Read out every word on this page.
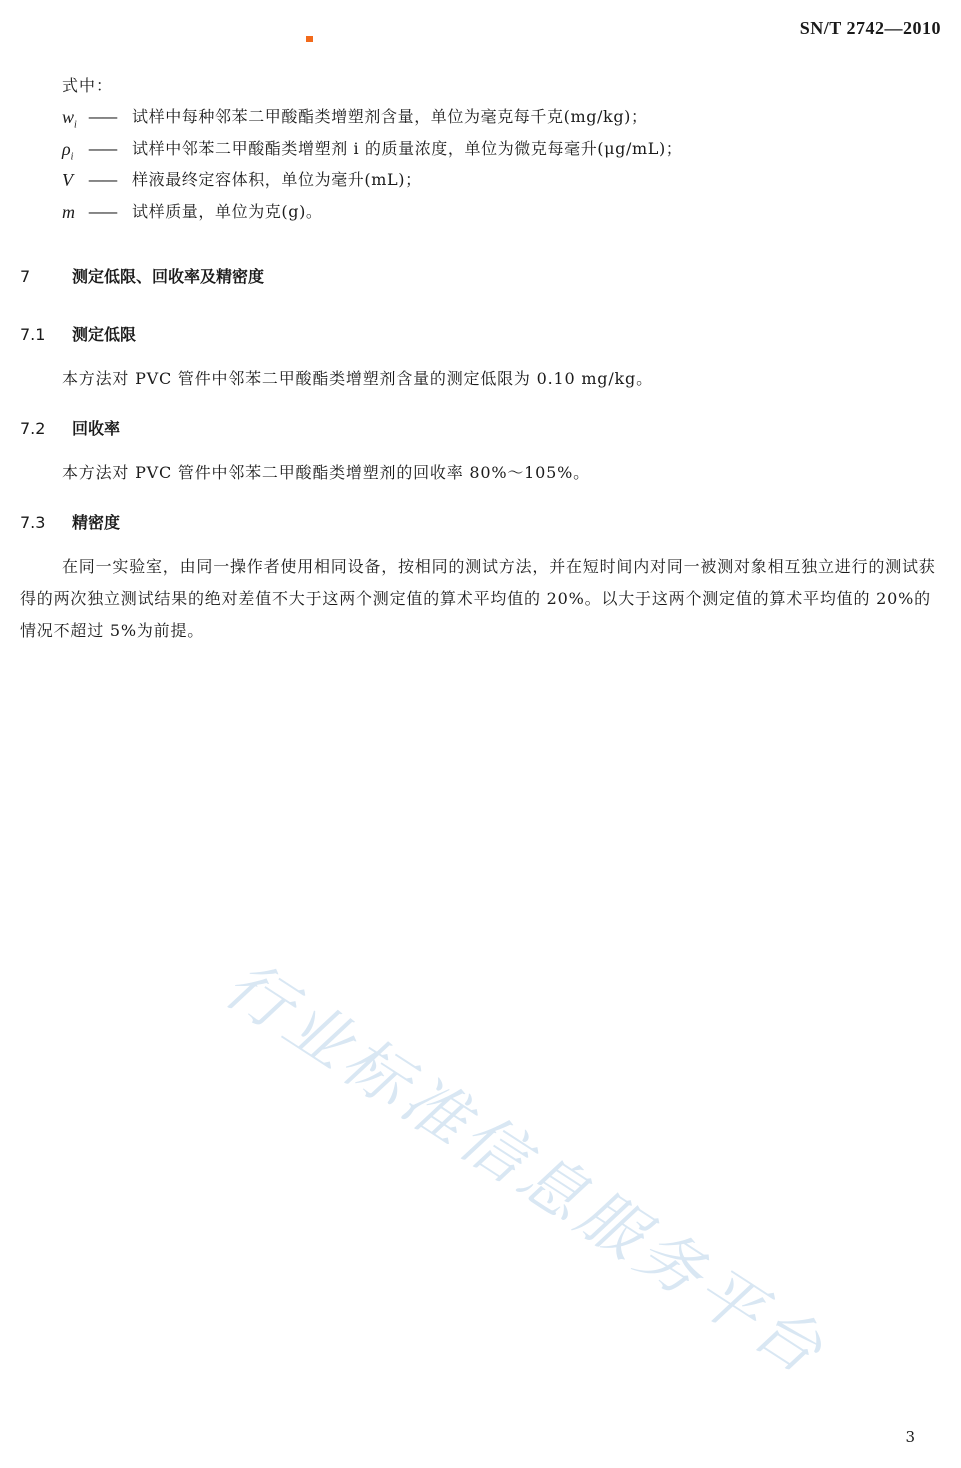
SN/T 2742—2010
式中：
$w_i$ ——	试样中每种邻苯二甲酸酯类增塑剂含量，单位为毫克每千克(mg/kg)；
$\rho_i$ ——	试样中邻苯二甲酸酯类增塑剂 i 的质量浓度，单位为微克每毫升(μg/mL)；
V ——	样液最终定容体积，单位为毫升(mL)；
m ——	试样质量，单位为克(g)。
7	测定低限、回收率及精密度
7.1 测定低限
本方法对 PVC 管件中邻苯二甲酸酯类增塑剂含量的测定低限为 0.10 mg/kg。
7.2 回收率
本方法对 PVC 管件中邻苯二甲酸酯类增塑剂的回收率 80%～105%。
7.3 精密度
在同一实验室，由同一操作者使用相同设备，按相同的测试方法，并在短时间内对同一被测对象相互独立进行的测试获得的两次独立测试结果的绝对差值不大于这两个测定值的算术平均值的 20%。以大于这两个测定值的算术平均值的 20%的情况不超过 5%为前提。
行业标准信息服务平台
3
